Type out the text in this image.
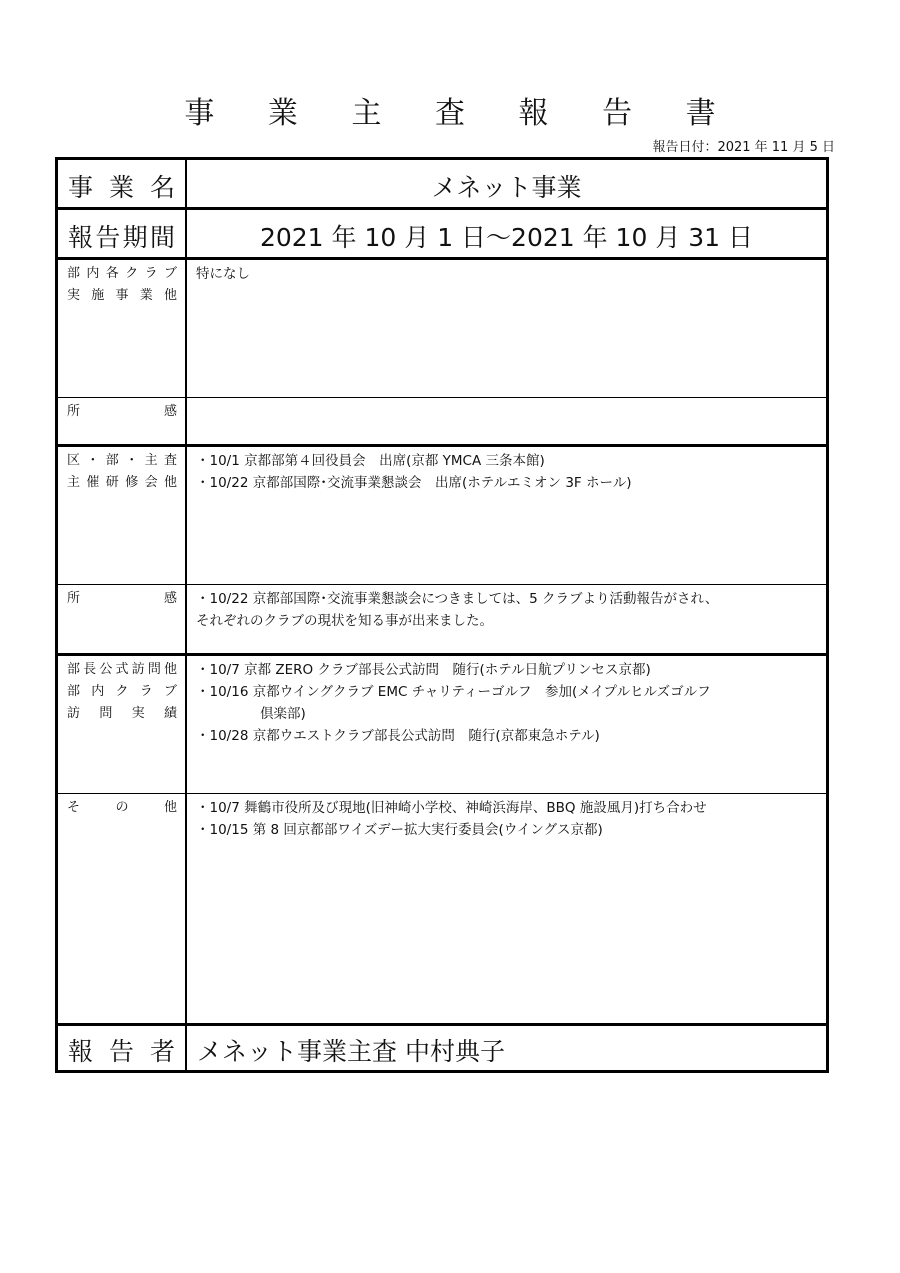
事 業 主 査 報 告 書
報告日付：2021 年 11 月 5 日
事 業 名	メネット事業
報告期間	2021 年 10 月 1 日～2021 年 10 月 31 日
部内各クラブ
実施事業他
特になし
所　　　　感
区・部・主査
主催研修会他
・10/1 京都部第４回役員会　出席(京都 YMCA 三条本館)
・10/22 京都部国際･交流事業懇談会　出席(ホテルエミオン 3F ホール)
所　　　　感 ・10/22 京都部国際･交流事業懇談会につきましては、5 クラブより活動報告がされ、
それぞれのクラブの現状を知る事が出来ました。
部長公式訪問他
部 内 ク ラ ブ
訪 問 実 績
・10/7 京都 ZERO クラブ部長公式訪問　随行(ホテル日航プリンセス京都)
・10/16 京都ウイングクラブ EMC チャリティーゴルフ　参加(メイプルヒルズゴルフ
倶楽部)
・10/28 京都ウエストクラブ部長公式訪問　随行(京都東急ホテル)
そ　の　他 ・10/7 舞鶴市役所及び現地(旧神崎小学校、神崎浜海岸、BBQ 施設風月)打ち合わせ
・10/15 第 8 回京都部ワイズデー拡大実行委員会(ウイングス京都)
報 告 者 メネット事業主査 中村典子
